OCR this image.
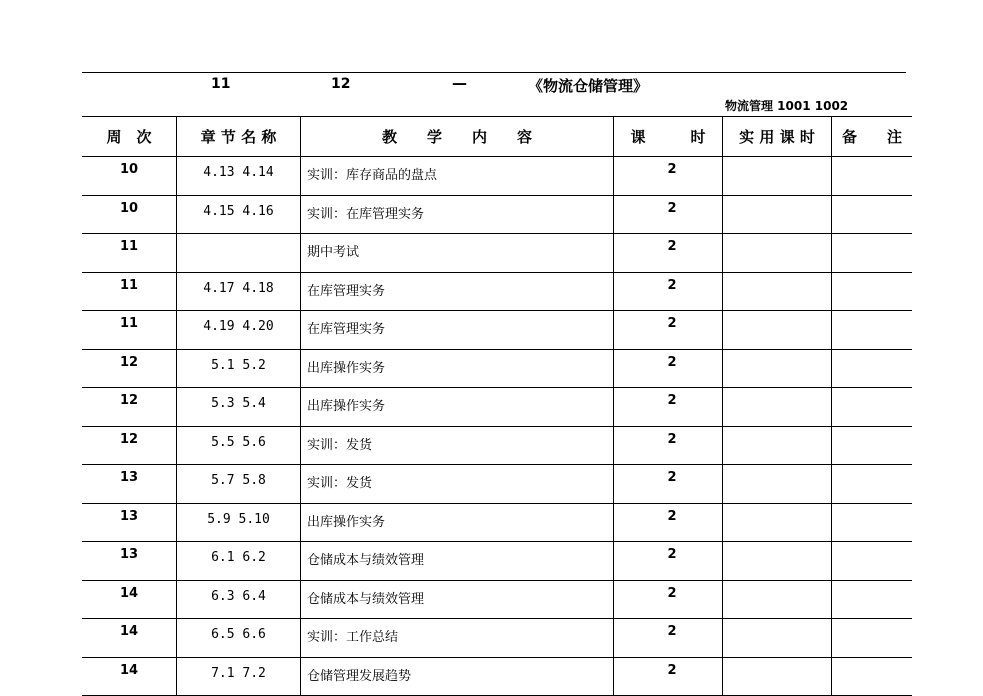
11	12	—	《物流仓储管理》
物流管理 1001 1002
周　次	章 节 名 称	教　　学　　内　　容	课　　　时	实 用 课 时	备　　注
10	4.13 4.14	实训：库存商品的盘点	2		
10	4.15 4.16	实训：在库管理实务	2		
11		期中考试	2		
11	4.17 4.18	在库管理实务	2		
11	4.19 4.20	在库管理实务	2		
12	5.1 5.2	出库操作实务	2		
12	5.3 5.4	出库操作实务	2		
12	5.5 5.6	实训：发货	2		
13	5.7 5.8	实训：发货	2		
13	5.9 5.10	出库操作实务	2		
13	6.1 6.2	仓储成本与绩效管理	2		
14	6.3 6.4	仓储成本与绩效管理	2		
14	6.5 6.6	实训：工作总结	2		
14	7.1 7.2	仓储管理发展趋势	2		
